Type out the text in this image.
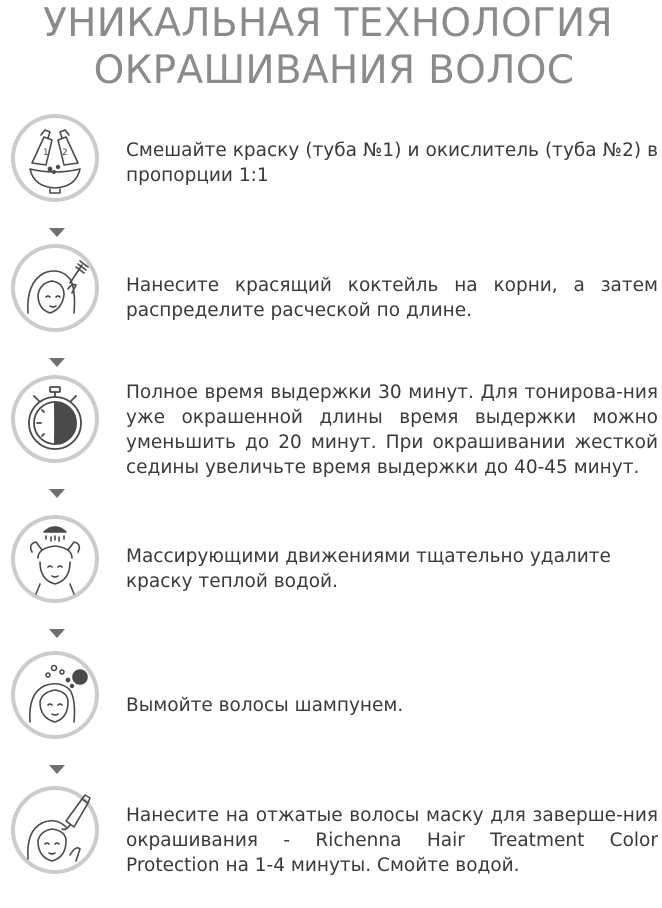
УНИКАЛЬНАЯ ТЕХНОЛОГИЯ
ОКРАШИВАНИЯ ВОЛОС
1 2	Смешайте краску (туба №1) и окислитель (туба №2) в пропорции 1:1
Нанесите красящий коктейль на корни, а затем распределите расческой по длине.
Полное время выдержки 30 минут. Для тонирова-ния уже окрашенной длины время выдержки можно уменьшить до 20 минут. При окрашивании жесткой седины увеличьте время выдержки до 40-45 минут.
Массирующими движениями тщательно удалите краску теплой водой.
Вымойте волосы шампунем.
Нанесите на отжатые волосы маску для заверше-ния окрашивания - Richenna Hair Treatment Color Protection на 1-4 минуты. Смойте водой.
